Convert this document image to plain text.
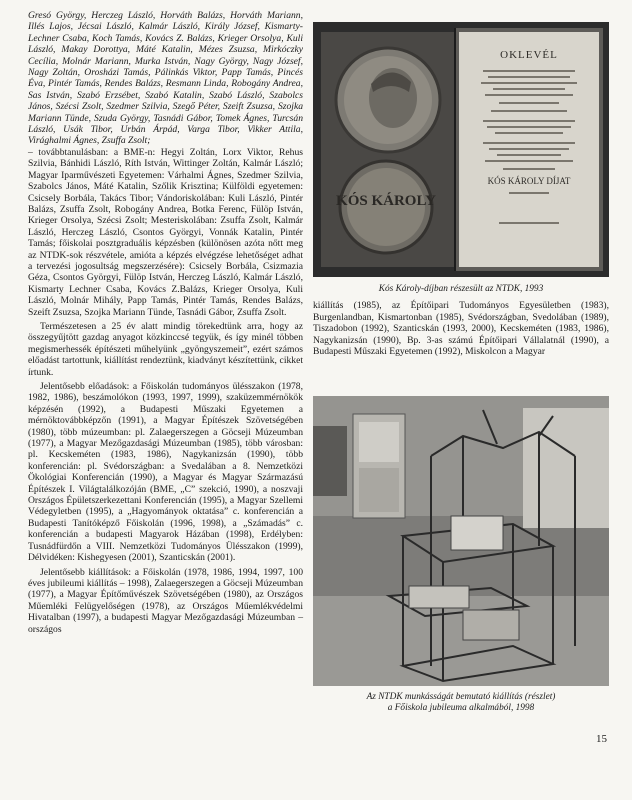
Gresó György, Herczeg László, Horváth Balázs, Horváth Mariann, Illés Lajos, Jécsai László, Kalmár László, Király József, Kismarty-Lechner Csaba, Koch Tamás, Kovács Z. Balázs, Krieger Orsolya, Kuli László, Makay Dorottya, Máté Katalin, Mézes Zsuzsa, Mirkóczky Cecília, Molnár Mariann, Murka István, Nagy György, Nagy József, Nagy Zoltán, Orosházi Tamás, Pálinkás Viktor, Papp Tamás, Pincés Éva, Pintér Tamás, Rendes Balázs, Resmann Linda, Robogány Andrea, Sas István, Szabó Erzsébet, Szabó Katalin, Szabó László, Szabolcs János, Szécsi Zsolt, Szedmer Szilvia, Szegő Péter, Szeift Zsuzsa, Szojka Mariann Tünde, Szuda György, Tasnádi Gábor, Tomek Ágnes, Turcsán László, Usák Tibor, Urbán Árpád, Varga Tibor, Vikker Attila, Virághalmi Ágnes, Zsuffa Zsolt;

– továbbtanulásban: a BME-n: Hegyi Zoltán, Lorx Viktor, Rehus Szilvia, Bánhidi László, Ríth István, Wittinger Zoltán, Kalmár László; Magyar Iparművészeti Egyetemen: Várhalmi Ágnes, Szedmer Szilvia, Szabolcs János, Máté Katalin, Szőlik Krisztina; Külföldi egyetemen: Csicsely Borbála, Takács Tibor; Vándoriskolában: Kuli László, Pintér Balázs, Zsuffa Zsolt, Robogány Andrea, Botka Ferenc, Fülöp István, Krieger Orsolya, Szécsi Zsolt; Mesteriskolában: Zsuffa Zsolt, Kalmár László, Herczeg László, Csontos Györgyi, Vonnák Katalin, Pintér Tamás; főiskolai posztgraduális képzésben (különösen azóta nőtt meg az NTDK-sok részvétele, amióta a képzés elvégzése lehetőséget adhat a tervezési jogosultság megszerzésére): Csicsely Borbála, Csizmazia Géza, Csontos Györgyi, Fülöp István, Herczeg László, Kalmár László, Kismarty Lechner Csaba, Kovács Z.Balázs, Krieger Orsolya, Kuli László, Molnár Mihály, Papp Tamás, Pintér Tamás, Rendes Balázs, Szeift Zsuzsa, Szojka Mariann Tünde, Tasnádi Gábor, Zsuffa Zsolt.

Természetesen a 25 év alatt mindig törekedtünk arra, hogy az összegyűjtött gazdag anyagot közkinccsé tegyük, és így minél többen megismerhessék építészeti műhelyünk „gyöngyszemeit”, ezért számos előadást tartottunk, kiállítást rendeztünk, kiadványt készítettünk, cikket írtunk.

Jelentősebb előadások: a Főiskolán tudományos ülésszakon (1978, 1982, 1986), beszámolókon (1993, 1997, 1999), szaküzemmérnökök képzésén (1992), a Budapesti Műszaki Egyetemen a mérnöktovábbképzőn (1991), a Magyar Építészek Szövetségében (1980), több múzeumban: pl. Zalaegerszegen a Göcseji Múzeumban (1977), a Magyar Mezőgazdasági Múzeumban (1985), több városban: pl. Kecskeméten (1983, 1986), Nagykanizsán (1990), több konferencián: pl. Svédországban: a Svedalában a 8. Nemzetközi Ökológiai Konferencián (1990), a Magyar és Magyar Származású Építészek I. Világtalálkozóján (BME, „C” szekció, 1990), a noszvaji Országos Épületszerkezettani Konferencián (1995), a Magyar Szellemi Védegyletben (1995), a „Hagyományok oktatása” c. konferencián a Budapesti Tanítóképző Főiskolán (1996, 1998), a „Számadás” c. konferencián a budapesti Magyarok Házában (1998), Erdélyben: Tusnádfürdőn a VIII. Nemzetközi Tudományos Ülésszakon (1999), Délvidéken: Kishegyesen (2001), Szanticskán (2001).

Jelentősebb kiállítások: a Főiskolán (1978, 1986, 1994, 1997, 100 éves jubileumi kiállítás – 1998), Zalaegerszegen a Göcseji Múzeumban (1977), a Magyar Építőművészek Szövetségében (1980), az Országos Műemléki Felügyelőségen (1978), az Országos Műemlékvédelmi Hivatalban (1997), a budapesti Magyar Mezőgazdasági Múzeumban – országos

KÓS KÁROLY
OKLEVÉL
KÓS KÁROLY DÍJAT
Kós Károly-díjban részesült az NTDK, 1993

kiállítás (1985), az Építőipari Tudományos Egyesületben (1983), Burgenlandban, Kismartonban (1985), Svédországban, Svedolában (1989), Tiszadobon (1992), Szanticskán (1993, 2000), Kecskeméten (1983, 1986), Nagykanizsán (1990), Bp. 3-as számú Építőipari Vállalatnál (1990), a Budapesti Műszaki Egyetemen (1992), Miskolcon a Magyar

Az NTDK munkásságát bemutató kiállítás (részlet)
a Főiskola jubileuma alkalmából, 1998
15
